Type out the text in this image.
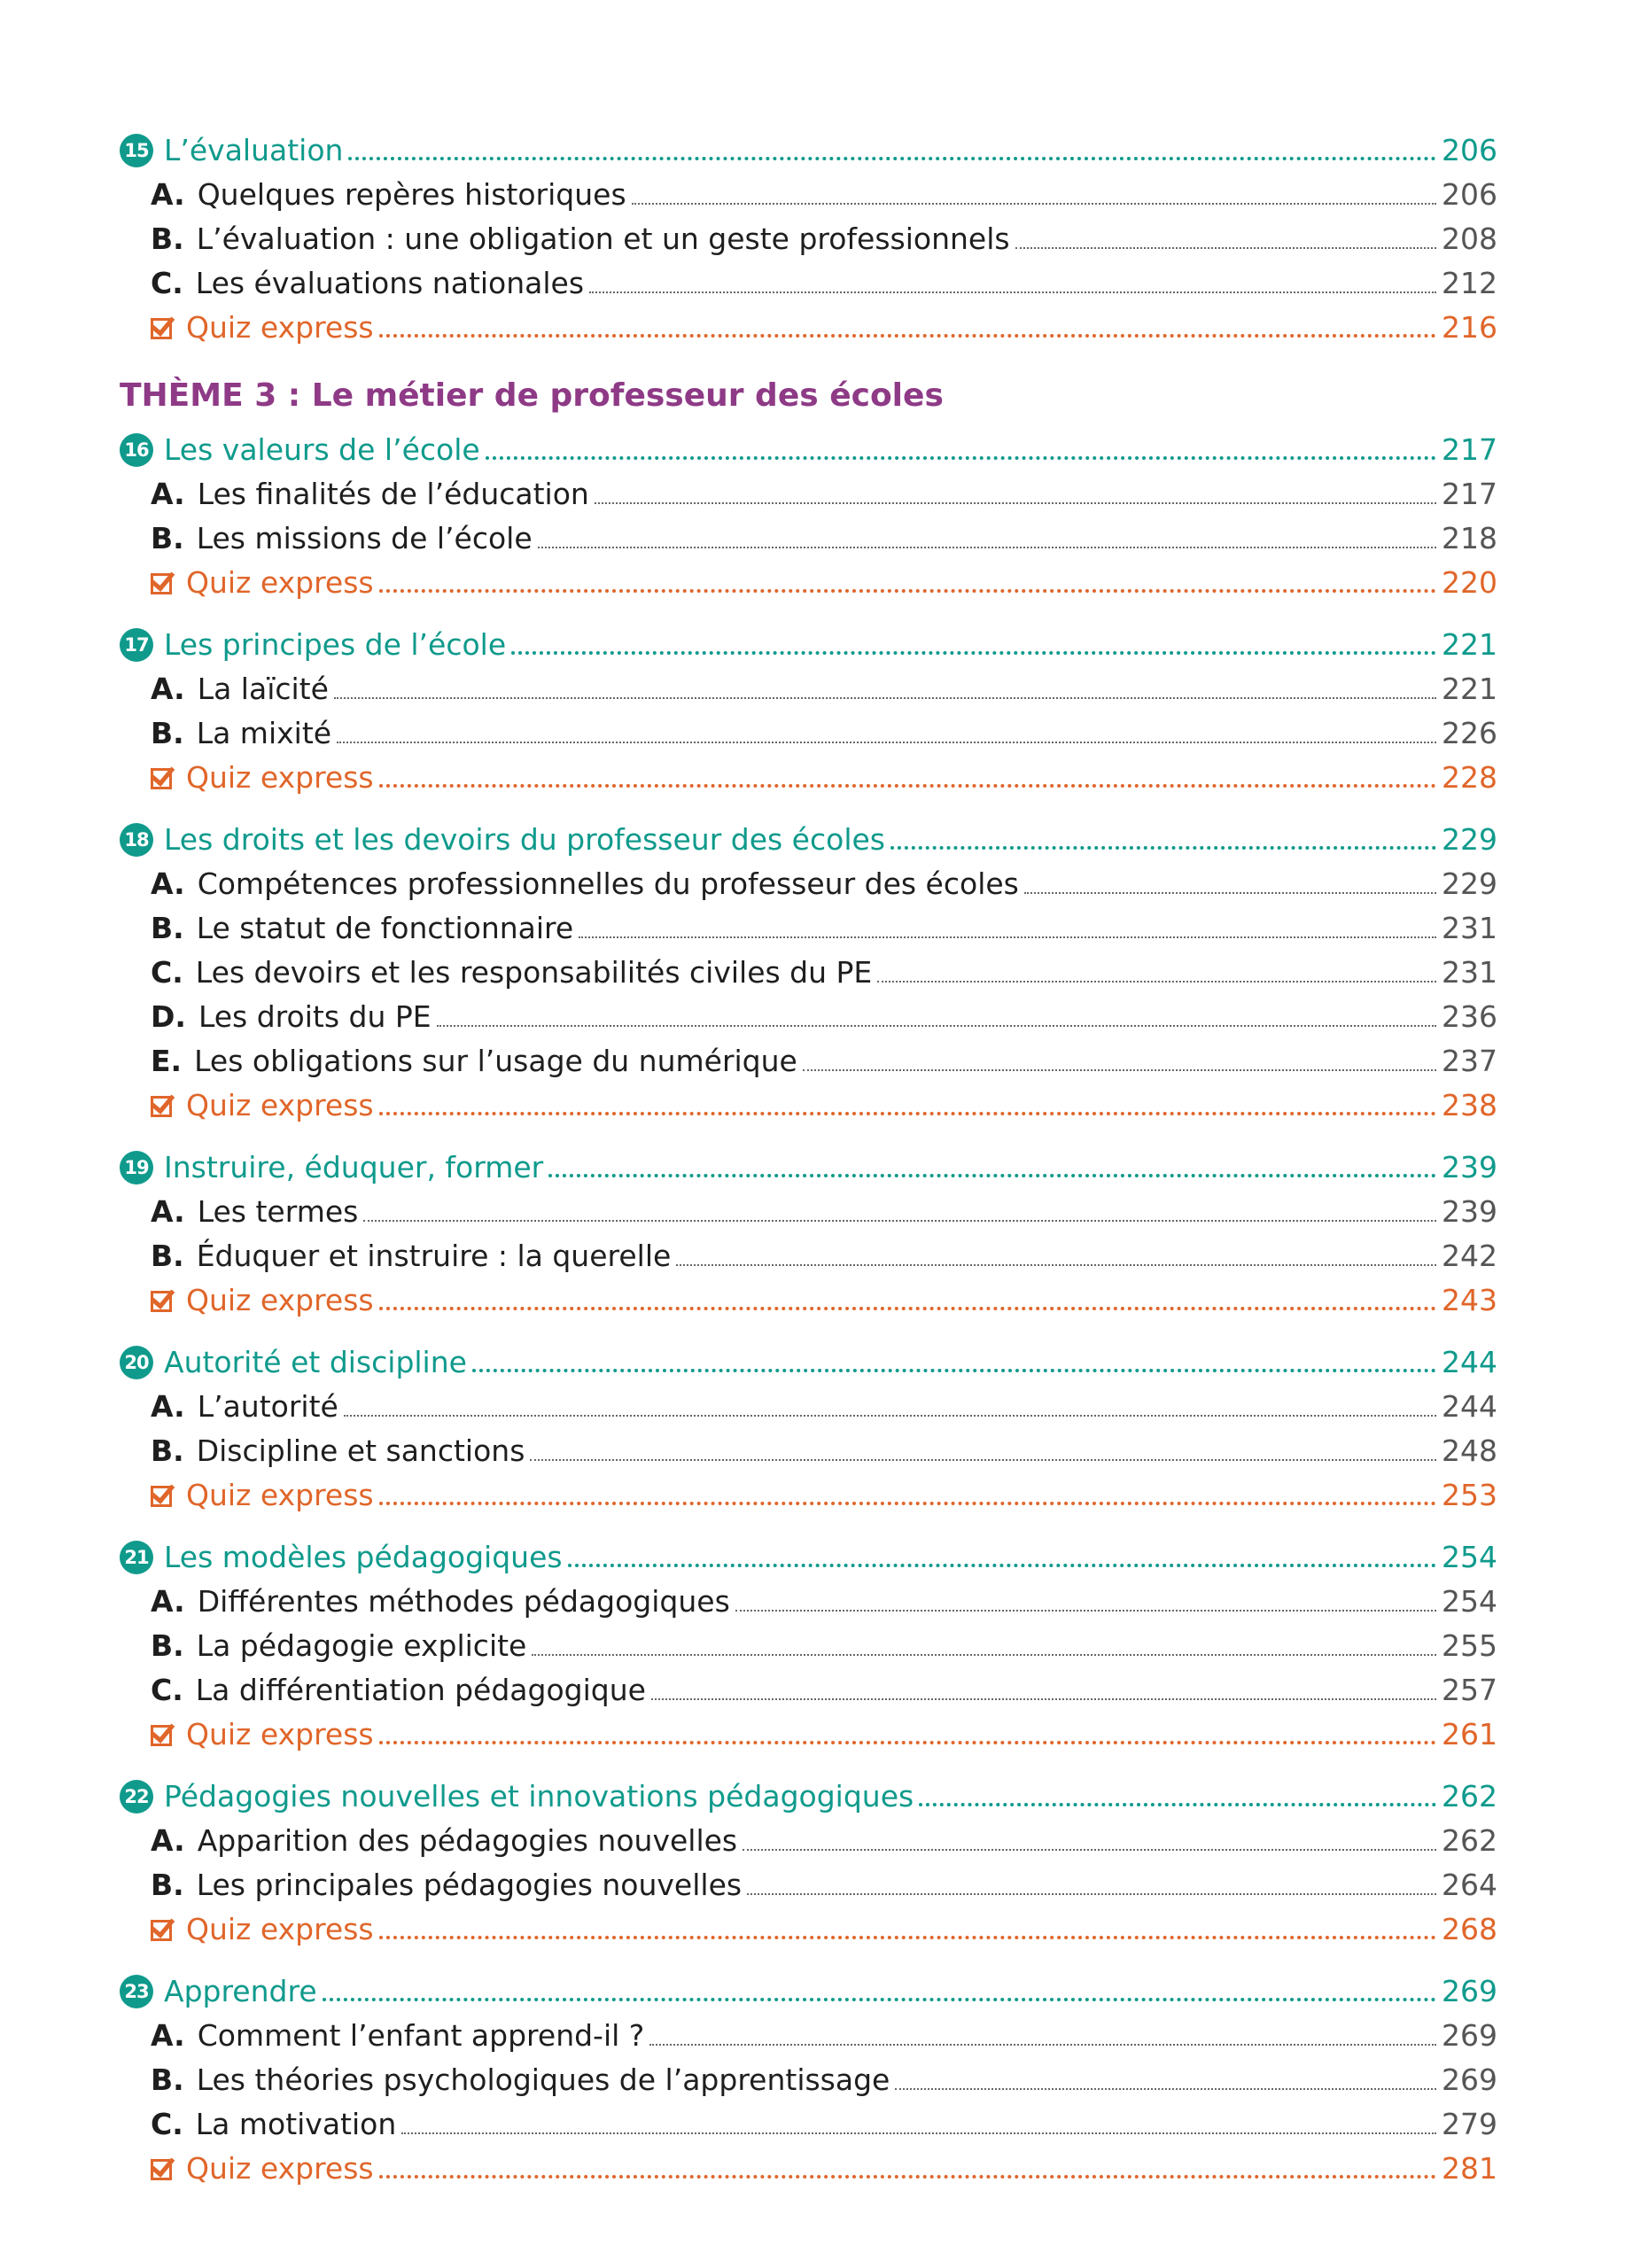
15 L’évaluation	206
A. Quelques repères historiques	206
B. L’évaluation : une obligation et un geste professionnels	208
C. Les évaluations nationales	212
Quiz express	216
THÈME 3 : Le métier de professeur des écoles
16 Les valeurs de l’école	217
A. Les finalités de l’éducation	217
B. Les missions de l’école	218
Quiz express	220
17 Les principes de l’école	221
A. La laïcité	221
B. La mixité	226
Quiz express	228
18 Les droits et les devoirs du professeur des écoles	229
A. Compétences professionnelles du professeur des écoles	229
B. Le statut de fonctionnaire	231
C. Les devoirs et les responsabilités civiles du PE	231
D. Les droits du PE	236
E. Les obligations sur l’usage du numérique	237
Quiz express	238
19 Instruire, éduquer, former	239
A. Les termes	239
B. Éduquer et instruire : la querelle	242
Quiz express	243
20 Autorité et discipline	244
A. L’autorité	244
B. Discipline et sanctions	248
Quiz express	253
21 Les modèles pédagogiques	254
A. Différentes méthodes pédagogiques	254
B. La pédagogie explicite	255
C. La différentiation pédagogique	257
Quiz express	261
22 Pédagogies nouvelles et innovations pédagogiques	262
A. Apparition des pédagogies nouvelles	262
B. Les principales pédagogies nouvelles	264
Quiz express	268
23 Apprendre	269
A. Comment l’enfant apprend-il ?	269
B. Les théories psychologiques de l’apprentissage	269
C. La motivation	279
Quiz express	281
